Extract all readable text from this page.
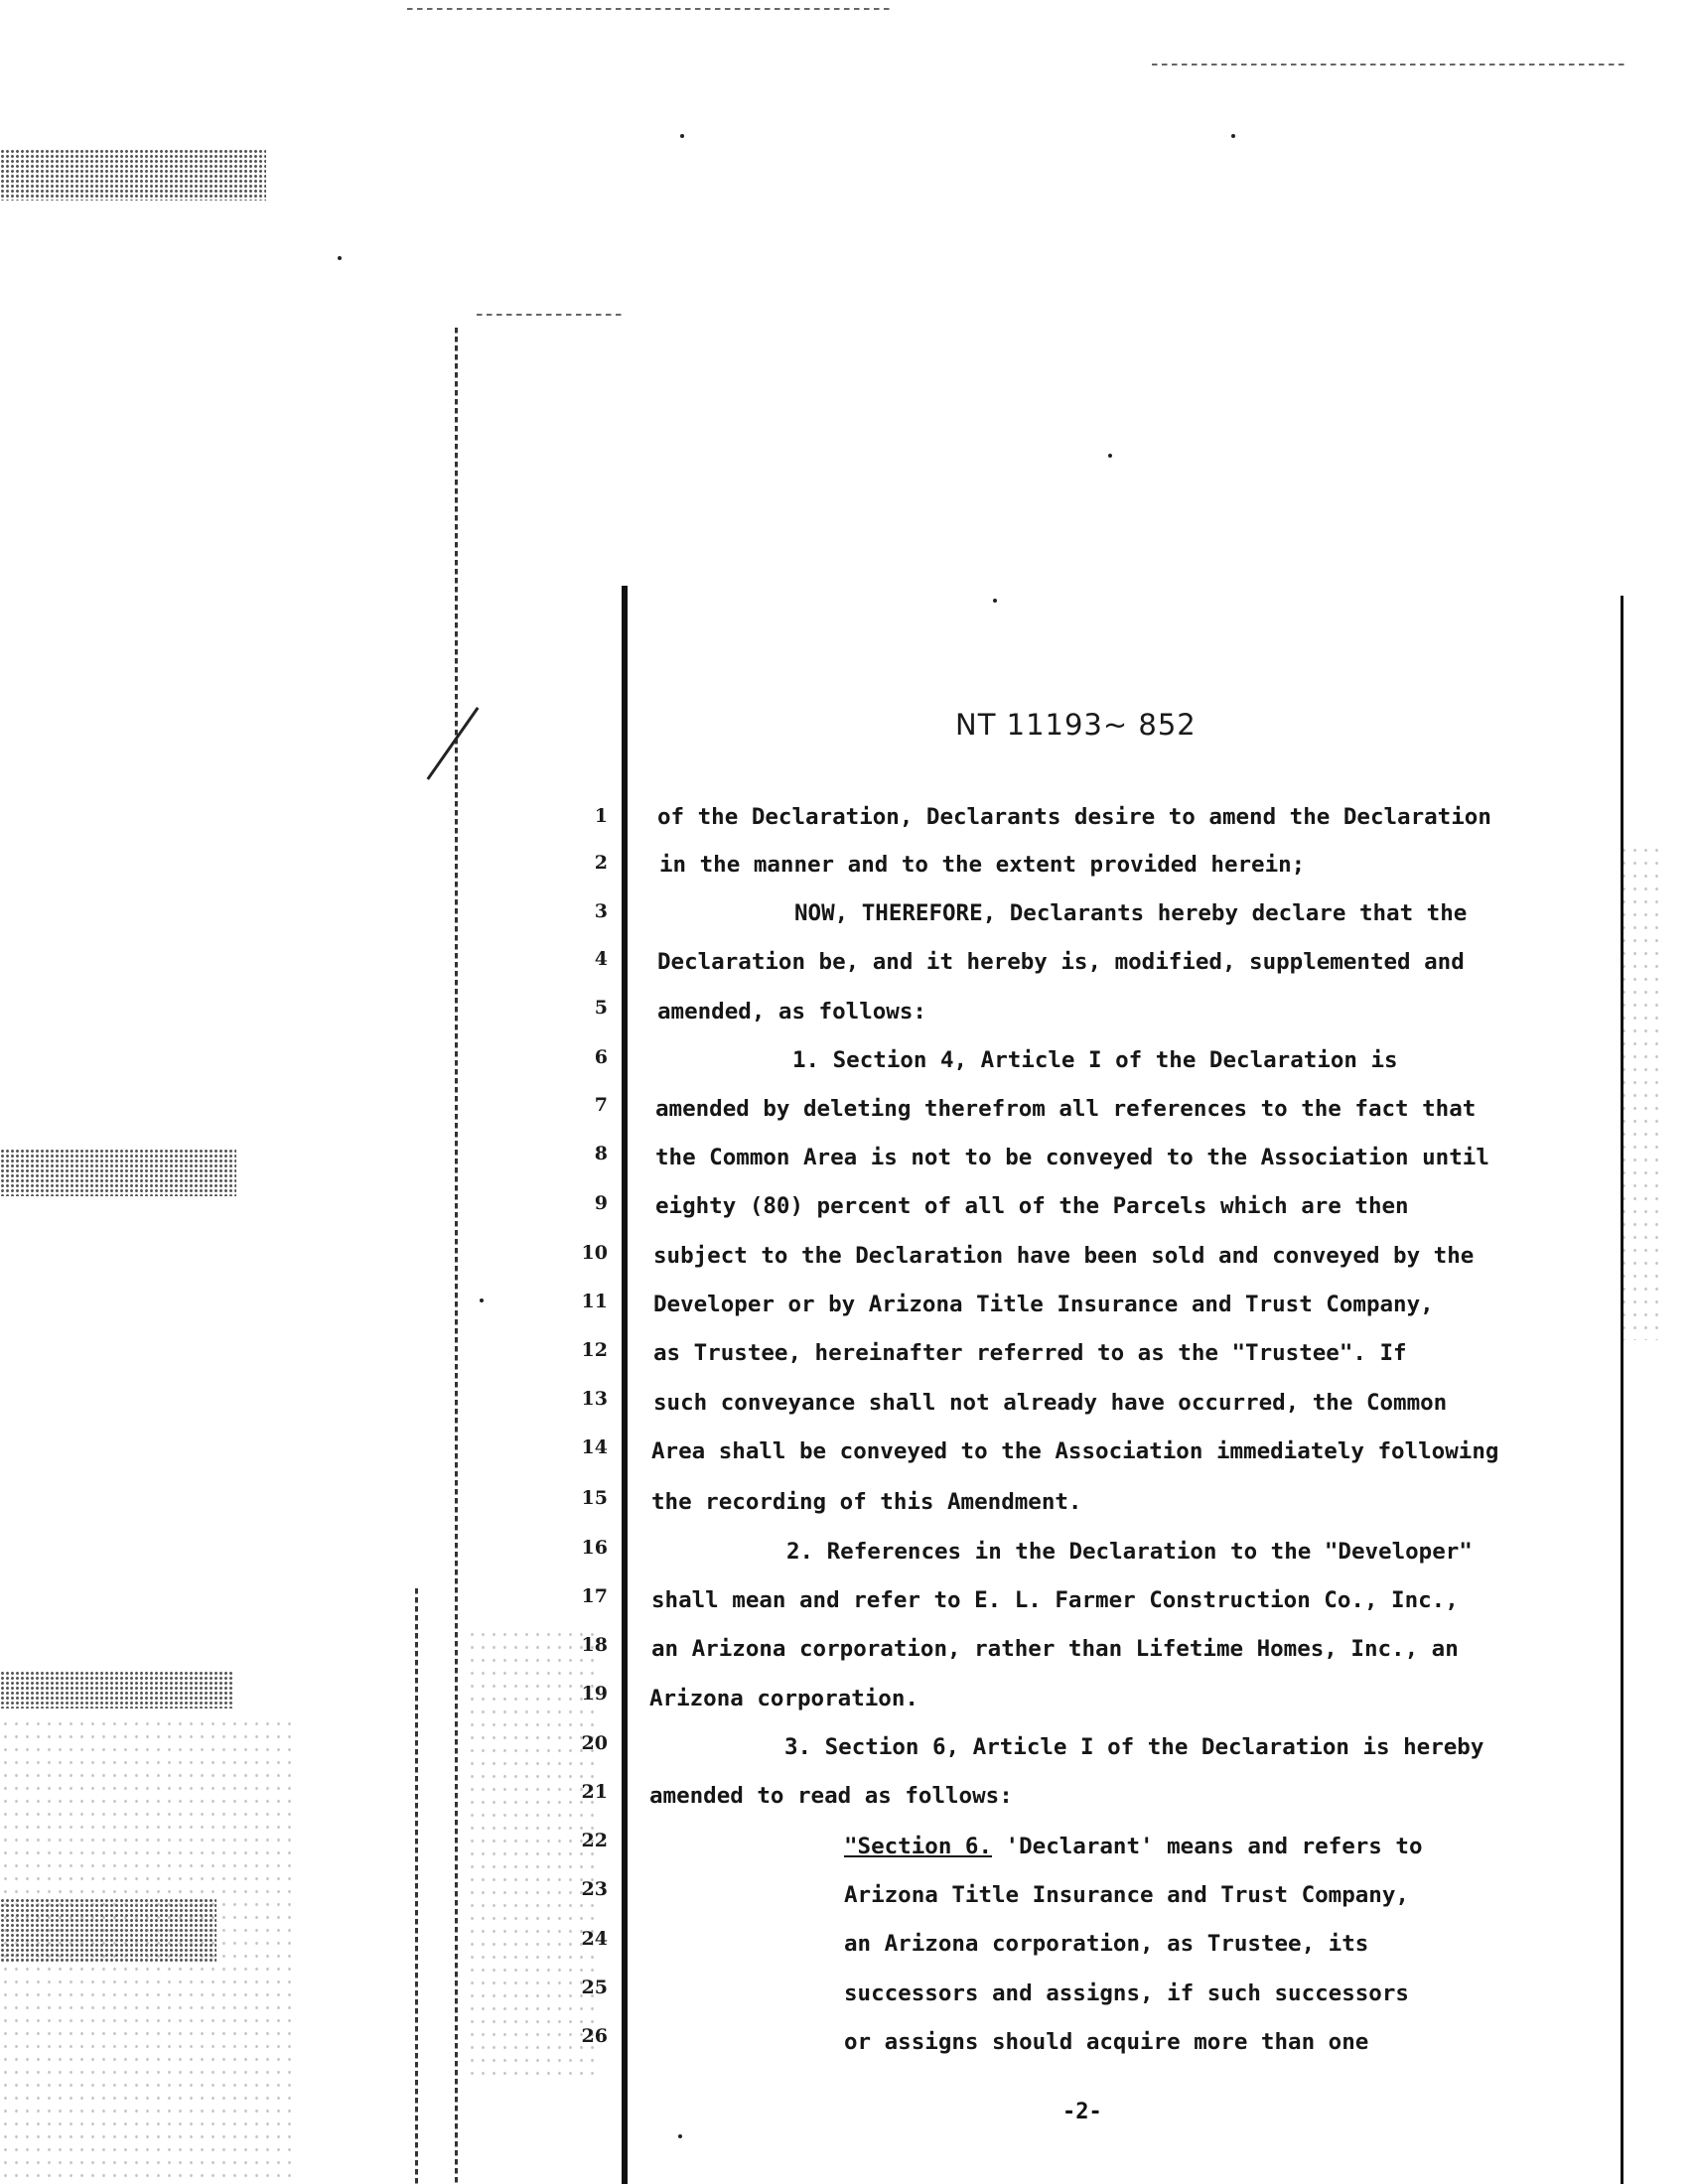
NT 11193~ 852
1
2
3
4
5
6
7
8
9
10
11
12
13
14
15
16
17
18
19
20
21
22
23
24
25
26
of the Declaration, Declarants desire to amend the Declaration
in the manner and to the extent provided herein;
NOW, THEREFORE, Declarants hereby declare that the
Declaration be, and it hereby is, modified, supplemented and
amended, as follows:
1. Section 4, Article I of the Declaration is
amended by deleting therefrom all references to the fact that
the Common Area is not to be conveyed to the Association until
eighty (80) percent of all of the Parcels which are then
subject to the Declaration have been sold and conveyed by the
Developer or by Arizona Title Insurance and Trust Company,
as Trustee, hereinafter referred to as the "Trustee". If
such conveyance shall not already have occurred, the Common
Area shall be conveyed to the Association immediately following
the recording of this Amendment.
2. References in the Declaration to the "Developer"
shall mean and refer to E. L. Farmer Construction Co., Inc.,
an Arizona corporation, rather than Lifetime Homes, Inc., an
Arizona corporation.
3. Section 6, Article I of the Declaration is hereby
amended to read as follows:
"Section 6. 'Declarant' means and refers to
Arizona Title Insurance and Trust Company,
an Arizona corporation, as Trustee, its
successors and assigns, if such successors
or assigns should acquire more than one
-2-
